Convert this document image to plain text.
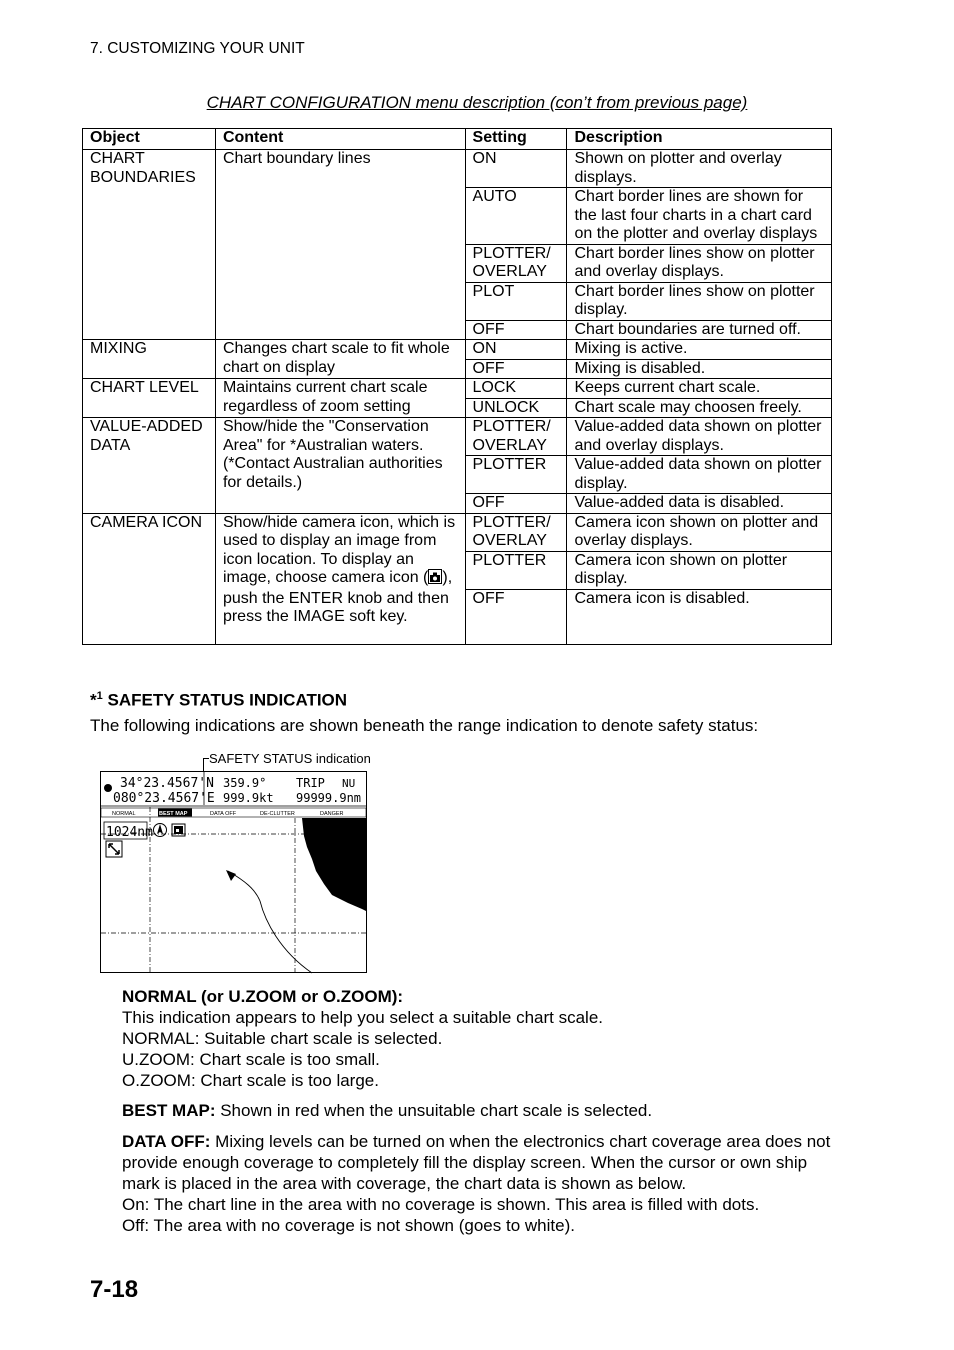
7. CUSTOMIZING YOUR UNIT
CHART CONFIGURATION menu description (con’t from previous page)
Object	Content	Setting	Description
CHART BOUNDARIES	Chart boundary lines	ON	Shown on plotter and overlay displays.
		AUTO	Chart border lines are shown for the last four charts in a chart card on the plotter and overlay displays
		PLOTTER/ OVERLAY	Chart border lines show on plotter and overlay displays.
		PLOT	Chart border lines show on plotter display.
		OFF	Chart boundaries are turned off.
MIXING	Changes chart scale to fit whole chart on display	ON	Mixing is active.
		OFF	Mixing is disabled.
CHART LEVEL	Maintains current chart scale regardless of zoom setting	LOCK	Keeps current chart scale.
		UNLOCK	Chart scale may choosen freely.
VALUE-ADDED DATA	Show/hide the "Conservation Area" for *Australian waters. (*Contact Australian authorities for details.)	PLOTTER/ OVERLAY	Value-added data shown on plotter and overlay displays.
		PLOTTER	Value-added data shown on plotter display.
		OFF	Value-added data is disabled.
CAMERA ICON	Show/hide camera icon, which is used to display an image from icon location. To display an image, choose camera icon ( ), push the ENTER knob and then press the IMAGE soft key.	PLOTTER/ OVERLAY	Camera icon shown on plotter and overlay displays.
		PLOTTER	Camera icon shown on plotter display.
		OFF	Camera icon is disabled.
*$^1$ SAFETY STATUS INDICATION
The following indications are shown beneath the range indication to denote safety status:
SAFETY STATUS indication
34°23.4567'N
080°23.4567'E
359.9°
999.9kt
TRIP NU
99999.9nm
NORMAL	BEST MAP	DATA OFF	DE-CLUTTER	DANGER
1024nm
NORMAL (or U.ZOOM or O.ZOOM):
This indication appears to help you select a suitable chart scale.
NORMAL: Suitable chart scale is selected.
U.ZOOM: Chart scale is too small.
O.ZOOM: Chart scale is too large.
BEST MAP: Shown in red when the unsuitable chart scale is selected.
DATA OFF: Mixing levels can be turned on when the electronics chart coverage area does not provide enough coverage to completely fill the display screen. When the cursor or own ship mark is placed in the area with coverage, the chart data is shown as below.
On: The chart line in the area with no coverage is shown. This area is filled with dots.
Off: The area with no coverage is not shown (goes to white).
7-18
